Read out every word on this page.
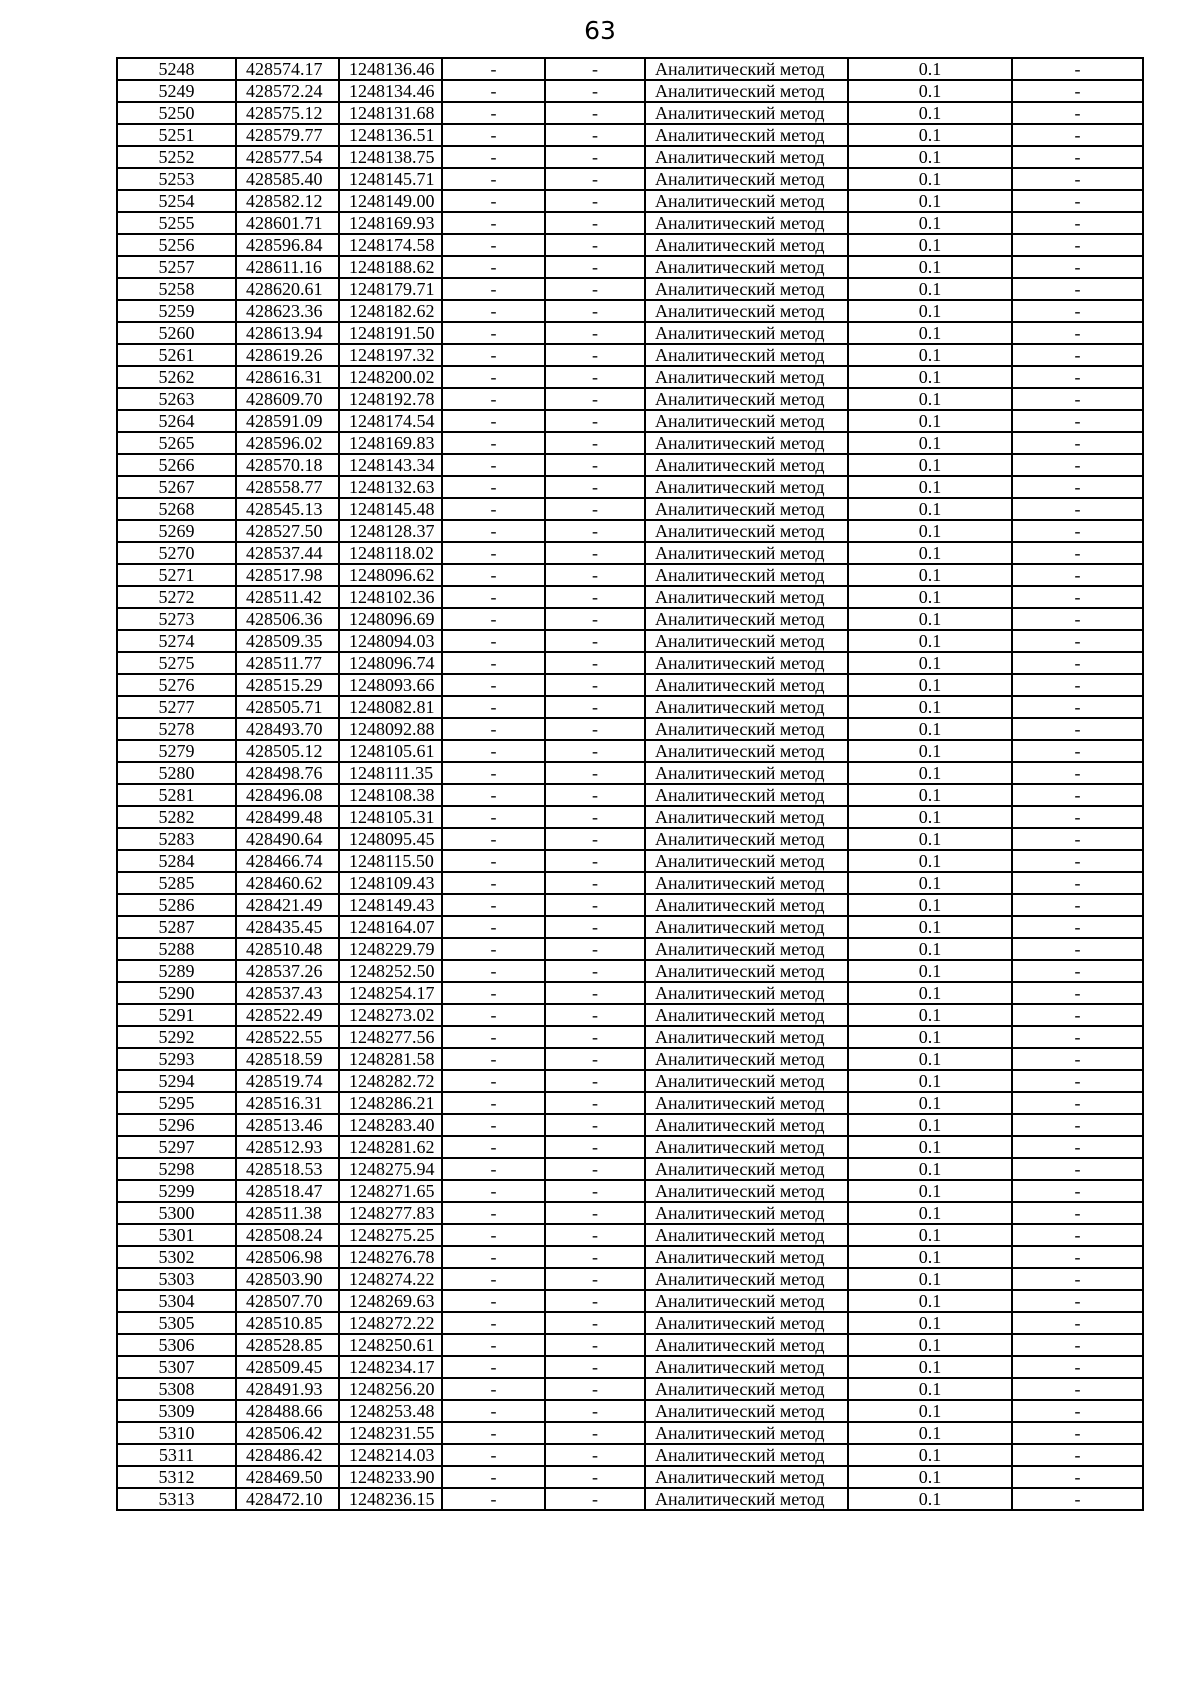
63
5248	428574.17	1248136.46	-	-	Аналитический метод	0.1	-
5249	428572.24	1248134.46	-	-	Аналитический метод	0.1	-
5250	428575.12	1248131.68	-	-	Аналитический метод	0.1	-
5251	428579.77	1248136.51	-	-	Аналитический метод	0.1	-
5252	428577.54	1248138.75	-	-	Аналитический метод	0.1	-
5253	428585.40	1248145.71	-	-	Аналитический метод	0.1	-
5254	428582.12	1248149.00	-	-	Аналитический метод	0.1	-
5255	428601.71	1248169.93	-	-	Аналитический метод	0.1	-
5256	428596.84	1248174.58	-	-	Аналитический метод	0.1	-
5257	428611.16	1248188.62	-	-	Аналитический метод	0.1	-
5258	428620.61	1248179.71	-	-	Аналитический метод	0.1	-
5259	428623.36	1248182.62	-	-	Аналитический метод	0.1	-
5260	428613.94	1248191.50	-	-	Аналитический метод	0.1	-
5261	428619.26	1248197.32	-	-	Аналитический метод	0.1	-
5262	428616.31	1248200.02	-	-	Аналитический метод	0.1	-
5263	428609.70	1248192.78	-	-	Аналитический метод	0.1	-
5264	428591.09	1248174.54	-	-	Аналитический метод	0.1	-
5265	428596.02	1248169.83	-	-	Аналитический метод	0.1	-
5266	428570.18	1248143.34	-	-	Аналитический метод	0.1	-
5267	428558.77	1248132.63	-	-	Аналитический метод	0.1	-
5268	428545.13	1248145.48	-	-	Аналитический метод	0.1	-
5269	428527.50	1248128.37	-	-	Аналитический метод	0.1	-
5270	428537.44	1248118.02	-	-	Аналитический метод	0.1	-
5271	428517.98	1248096.62	-	-	Аналитический метод	0.1	-
5272	428511.42	1248102.36	-	-	Аналитический метод	0.1	-
5273	428506.36	1248096.69	-	-	Аналитический метод	0.1	-
5274	428509.35	1248094.03	-	-	Аналитический метод	0.1	-
5275	428511.77	1248096.74	-	-	Аналитический метод	0.1	-
5276	428515.29	1248093.66	-	-	Аналитический метод	0.1	-
5277	428505.71	1248082.81	-	-	Аналитический метод	0.1	-
5278	428493.70	1248092.88	-	-	Аналитический метод	0.1	-
5279	428505.12	1248105.61	-	-	Аналитический метод	0.1	-
5280	428498.76	1248111.35	-	-	Аналитический метод	0.1	-
5281	428496.08	1248108.38	-	-	Аналитический метод	0.1	-
5282	428499.48	1248105.31	-	-	Аналитический метод	0.1	-
5283	428490.64	1248095.45	-	-	Аналитический метод	0.1	-
5284	428466.74	1248115.50	-	-	Аналитический метод	0.1	-
5285	428460.62	1248109.43	-	-	Аналитический метод	0.1	-
5286	428421.49	1248149.43	-	-	Аналитический метод	0.1	-
5287	428435.45	1248164.07	-	-	Аналитический метод	0.1	-
5288	428510.48	1248229.79	-	-	Аналитический метод	0.1	-
5289	428537.26	1248252.50	-	-	Аналитический метод	0.1	-
5290	428537.43	1248254.17	-	-	Аналитический метод	0.1	-
5291	428522.49	1248273.02	-	-	Аналитический метод	0.1	-
5292	428522.55	1248277.56	-	-	Аналитический метод	0.1	-
5293	428518.59	1248281.58	-	-	Аналитический метод	0.1	-
5294	428519.74	1248282.72	-	-	Аналитический метод	0.1	-
5295	428516.31	1248286.21	-	-	Аналитический метод	0.1	-
5296	428513.46	1248283.40	-	-	Аналитический метод	0.1	-
5297	428512.93	1248281.62	-	-	Аналитический метод	0.1	-
5298	428518.53	1248275.94	-	-	Аналитический метод	0.1	-
5299	428518.47	1248271.65	-	-	Аналитический метод	0.1	-
5300	428511.38	1248277.83	-	-	Аналитический метод	0.1	-
5301	428508.24	1248275.25	-	-	Аналитический метод	0.1	-
5302	428506.98	1248276.78	-	-	Аналитический метод	0.1	-
5303	428503.90	1248274.22	-	-	Аналитический метод	0.1	-
5304	428507.70	1248269.63	-	-	Аналитический метод	0.1	-
5305	428510.85	1248272.22	-	-	Аналитический метод	0.1	-
5306	428528.85	1248250.61	-	-	Аналитический метод	0.1	-
5307	428509.45	1248234.17	-	-	Аналитический метод	0.1	-
5308	428491.93	1248256.20	-	-	Аналитический метод	0.1	-
5309	428488.66	1248253.48	-	-	Аналитический метод	0.1	-
5310	428506.42	1248231.55	-	-	Аналитический метод	0.1	-
5311	428486.42	1248214.03	-	-	Аналитический метод	0.1	-
5312	428469.50	1248233.90	-	-	Аналитический метод	0.1	-
5313	428472.10	1248236.15	-	-	Аналитический метод	0.1	-
